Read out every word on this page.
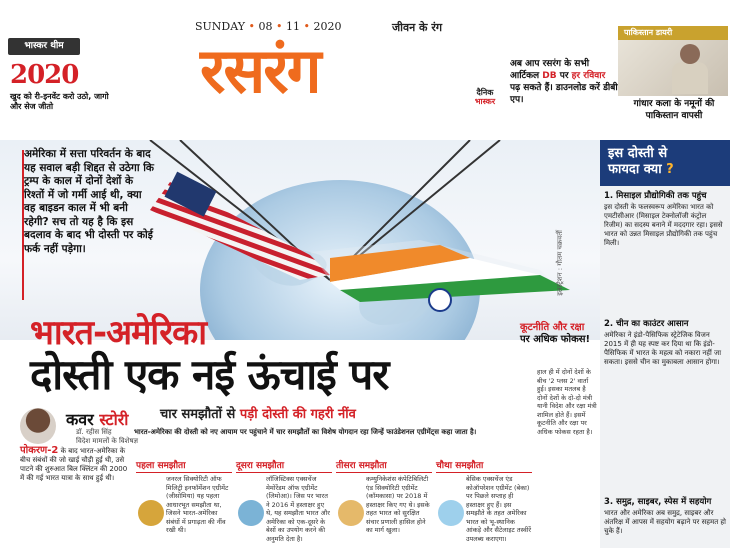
भास्कर थीम
2020
खुद को री-इनवेंट करो उठो, जागो और सेज जीतो
SUNDAY • 08 • 11 • 2020	जीवन के रंग
रसरंग	दैनिक
भास्कर
अब आप रसरंग के सभी आर्टिकल DB पर हर रविवार पढ़ सकते हैं। डाउनलोड करें डीबी एप।
पाकिस्तान डायरी
गांधार कला के नमूनों की पाकिस्तान वापसी
अमेरिका में सत्ता परिवर्तन के बाद यह सवाल बड़ी शिद्दत से उठेगा कि ट्रम्प के काल में दोनों देशों के रिश्तों में जो गर्मी आई थी, क्या वह बाइडन काल में भी बनी रहेगी? सच तो यह है कि इस बदलाव के बाद भी दोस्ती पर कोई फर्क नहीं पड़ेगा।	इलस्ट्रेशन : गौतम चक्रवर्ती
भारत-अमेरिका
दोस्ती एक नई ऊंचाई पर
चार समझौतों से पड़ी दोस्ती की गहरी नींव
भारत-अमेरिका की दोस्ती को नए आयाम पर पहुंचाने में चार समझौतों का विशेष योगदान रहा जिन्हें फाउंडेशनल एग्रीमेंट्स कहा जाता है।
कूटनीति और रक्षा
पर अधिक फोकस!
हाल ही में दोनों देशों के बीच '2 प्लस 2' वार्ता हुई। इसका मतलब है दोनों देशों के दो-दो मंत्री यानी विदेश और रक्षा मंत्री शामिल होते हैं। इसमें कूटनीति और रक्षा पर अधिक फोकस रहता है।
कवर स्टोरी
डॉ. रहीस सिंह
विदेश मामलों के विशेषज्ञ
पोकरण-2 के बाद भारत-अमेरिका के बीच संबंधों की जो खाई चौड़ी हुई थी, उसे पाटने की शुरुआत बिल क्लिंटन की 2000 में की गई भारत यात्रा के साथ हुई थी।
पहला समझौता
जनरल सिक्योरिटी ऑफ मिलिट्री इनफॉर्मेशन एग्रीमेंट (जीसोमिया) यह पहला आधारभूत समझौता था, जिसने भारत-अमेरिका संबंधों में प्रगाढ़ता की नींव रखी थी।
दूसरा समझौता
लॉजिस्टिक्स एक्सचेंज मेमोरेंडम ऑफ एग्रीमेंट (लिमोआ)। जिस पर भारत ने 2016 में हस्ताक्षर हुए थे, यह समझौता भारत और अमेरिका को एक-दूसरे के बेसों का उपयोग करने की अनुमति देता है।
तीसरा समझौता
कम्युनिकेशंस कंपेटिबिलिटी एंड सिक्योरिटी एग्रीमेंट (कॉमकासा) पर 2018 में हस्ताक्षर किए गए थे। इसके तहत भारत को सुरक्षित संचार प्रणाली हासिल होने का मार्ग खुला।
चौथा समझौता
बेसिक एक्सचेंज एंड कोऑपरेशन एग्रीमेंट (बेका) पर पिछले सप्ताह ही हस्ताक्षर हुए हैं। इस समझौते के तहत अमेरिका भारत को भू-स्थानिक आंकड़े और सैटेलाइट तस्वीरें उपलब्ध कराएगा।
इस दोस्ती से
फायदा क्या ?
1. मिसाइल प्रौद्योगिकी तक पहुंच
इस दोस्ती के फलस्वरूप अमेरिका भारत को एमटीसीआर (मिसाइल टेक्नोलॉजी कंट्रोल रिजीम) का सदस्य बनाने में मददगार रहा। इससे भारत को उन्नत मिसाइल प्रौद्योगिकी तक पहुंच मिली।
2. चीन का काउंटर आसान
अमेरिका ने इंडो-पैसिफिक स्ट्रेटेजिक विजन 2015 में ही यह स्पष्ट कर दिया था कि इंडो-पैसिफिक में भारत के महत्व को नकारा नहीं जा सकता। इससे चीन का मुकाबला आसान होगा।
3. समुद्र, साइबर, स्पेस में सहयोग
भारत और अमेरिका अब समुद्र, साइबर और अंतरिक्ष में आपस में सहयोग बढ़ाने पर सहमत हो चुके हैं।
